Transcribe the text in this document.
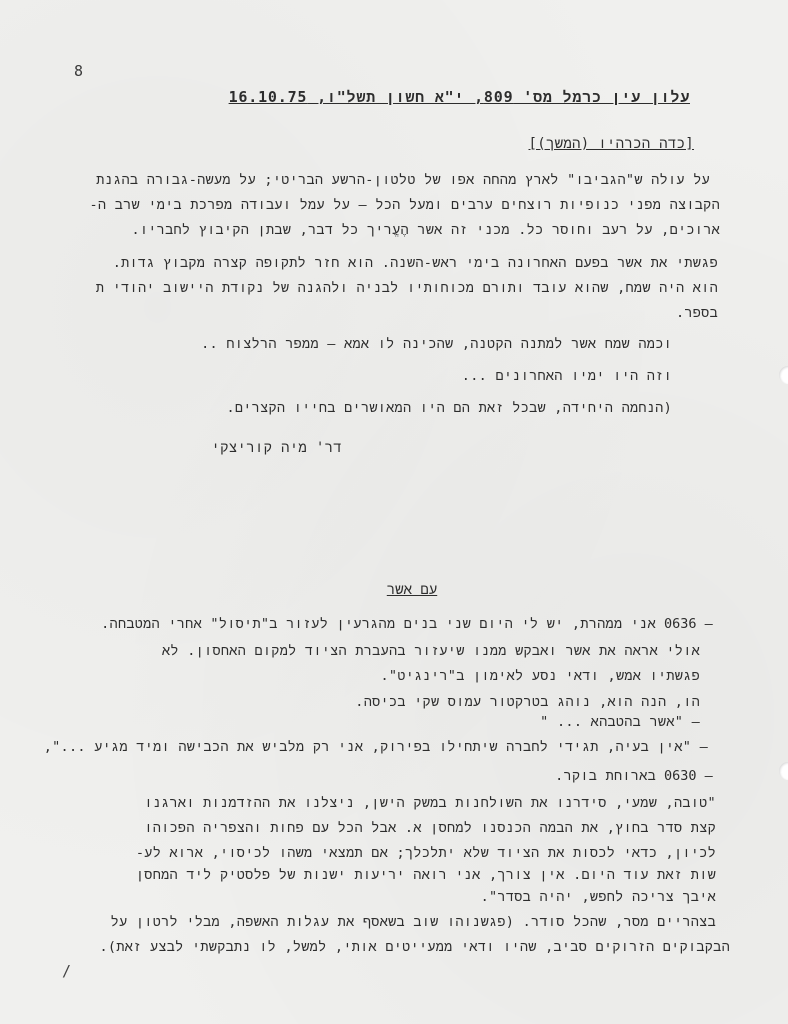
8
עלון עין כרמל מס' 809, י"א חשון תשל"ו, 16.10.75
[כדה הכרהיו (המשך)]
על עולה ש"הגביבו" לארץ מהחה אפו של טלטון-הרשע הבריטי; על מעשה-גבורה בהגנת
הקבוצה מפני כנופיות רוצחים ערבים ומעל הכל – על עמל ועבודה מפרכת בימי שרב ה-
ארוכים, על רעב וחוסר כל. מכני זה אשר הֶעֱריך כל דבר, שבתן הקיבוץ לחבריו.
פגשתי את אשר בפעם האחרונה בימי ראש-השנה. הוא חזר לתקופה קצרה מקבוץ גדות.
הוא היה שמח, שהוא עובד ותורם מכוחותיו לבניה ולהגנה של נקודת היישוב יהודי ת
בספר.
וכמה שמח אשר למתנה הקטנה, שהכינה לו אמא – ממפר הרלצוח ..
וזה היו ימיו האחרונים ...
(הנחמה היחידה, שבכל זאת הם היו המאושרים בחייו הקצרים.
דר' מיה קוריצקי
עם אשר
0636 –
אני ממהרת, יש לי היום שני בנים מהגרעין לעזור ב"תיסול" אחרי המטבחה.
אולי אראה את אשר ואבקש ממנו שיעזור בהעברת הציוד למקום האחסון. לא
פגשתיו אמש, ודאי נסע לאימון ב"רינגיט".
הו, הנה הוא, נוהג בטרקטור עמוס שקי בכיסה.
– "אשר בהטבהא ... "
– "אין בעיה, תגידי לחברה שיתחילו בפירוק, אני רק מלביש את הכבישה ומיד מגיע ...",
0630 –
בארוחת בוקר.
"טובה, שמעי, סידרנו את השולחנות במשק הישן, ניצלנו את ההזדמנות וארגנו
קצת סדר בחוץ, את הבמה הכנסנו למחסן א. אבל הכל עם פחות והצפריה הפכוהו
לכיון, כדאי לכסות את הציוד שלא יתלכלך; אם תמצאי משהו לכיסוי, ארוא לע-
שות זאת עוד היום. אין צורך, אני רואה יריעות ישנות של פלסטיק ליד המחסן
איבך צריכה לחפש, יהיה בסדר".
בצהריים מסר, שהכל סודר. (פגשנוהו שוב בשאסף את עגלות האשפה, מבלי לרטון על
הבקבוקים הזרוקים סביב, שהיו ודאי ממעייטים אותי, למשל, לו נתבקשתי לבצע זאת).
/
